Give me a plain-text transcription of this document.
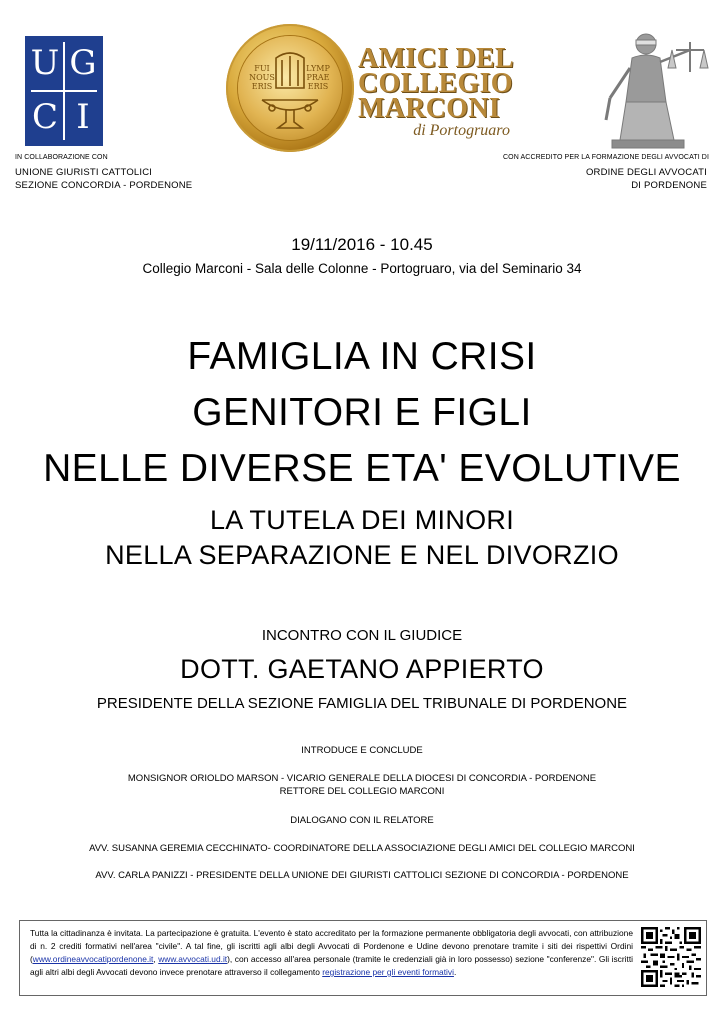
U G
C I
IN COLLABORAZIONE CON
UNIONE GIURISTI CATTOLICI
SEZIONE CONCORDIA - PORDENONE
FUI
NOUS
ERIS
LYMP
PRAE
ERIS
AMICI DEL
COLLEGIO
MARCONI
di Portogruaro
CON ACCREDITO PER LA FORMAZIONE DEGLI AVVOCATI DI
ORDINE DEGLI AVVOCATI
DI PORDENONE
19/11/2016 - 10.45
Collegio Marconi - Sala delle Colonne - Portogruaro, via del Seminario 34
FAMIGLIA IN CRISI
GENITORI E FIGLI
NELLE DIVERSE ETA' EVOLUTIVE
LA TUTELA DEI MINORI
NELLA SEPARAZIONE E NEL DIVORZIO
INCONTRO CON IL GIUDICE
DOTT. GAETANO APPIERTO
PRESIDENTE DELLA SEZIONE FAMIGLIA DEL TRIBUNALE DI PORDENONE
INTRODUCE E CONCLUDE
MONSIGNOR ORIOLDO MARSON - VICARIO GENERALE DELLA DIOCESI DI CONCORDIA - PORDENONE
RETTORE DEL COLLEGIO MARCONI
DIALOGANO CON IL RELATORE
AVV. SUSANNA GEREMIA CECCHINATO- COORDINATORE DELLA ASSOCIAZIONE DEGLI AMICI DEL COLLEGIO MARCONI
AVV. CARLA PANIZZI - PRESIDENTE DELLA UNIONE DEI GIURISTI CATTOLICI SEZIONE DI CONCORDIA - PORDENONE
Tutta la cittadinanza è invitata. La partecipazione è gratuita. L'evento è stato accreditato per la formazione permanente obbligatoria degli avvocati, con attribuzione di n. 2 crediti formativi nell'area "civile". A tal fine, gli iscritti agli albi degli Avvocati di Pordenone e Udine devono prenotare tramite i siti dei rispettivi Ordini (www.ordineavvocatipordenone.it, www.avvocati.ud.it), con accesso all'area personale (tramite le credenziali già in loro possesso) sezione "conferenze". Gli iscritti agli altri albi degli Avvocati devono invece prenotare attraverso il collegamento registrazione per gli eventi formativi.
